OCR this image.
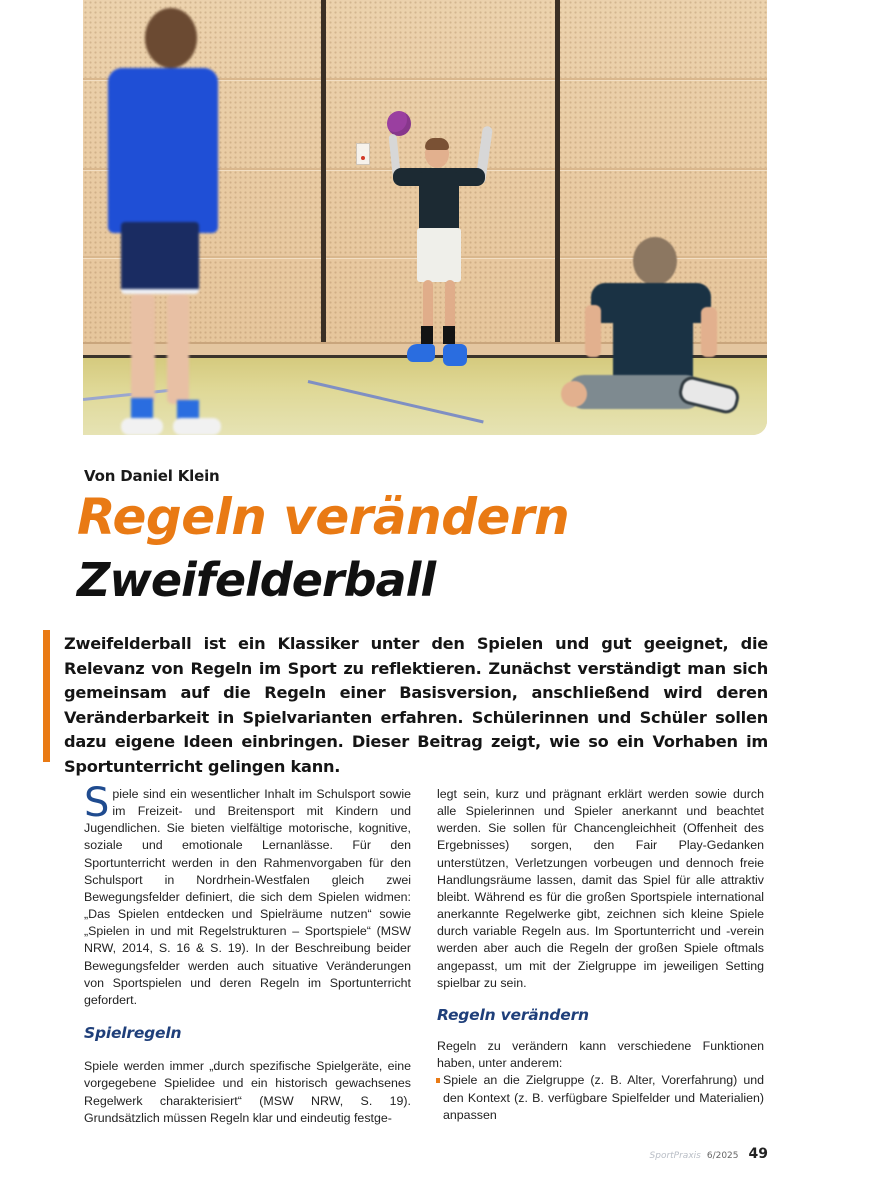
Von Daniel Klein
Regeln verändern
Zweifelderball

Zweifelderball ist ein Klassiker unter den Spielen und gut geeignet, die Relevanz von Regeln im Sport zu reflektieren. Zunächst verständigt man sich gemeinsam auf die Regeln einer Basisversion, anschließend wird deren Veränderbarkeit in Spielvarianten erfahren. Schülerinnen und Schüler sollen dazu eigene Ideen einbringen. Dieser Beitrag zeigt, wie so ein Vorhaben im Sportunterricht gelingen kann.

Spiele sind ein wesentlicher Inhalt im Schulsport sowie im Freizeit- und Breitensport mit Kindern und Jugendlichen. Sie bieten vielfältige motorische, kognitive, soziale und emotionale Lernanlässe. Für den Sportunterricht werden in den Rahmenvorgaben für den Schulsport in Nordrhein-Westfalen gleich zwei Bewegungsfelder definiert, die sich dem Spielen widmen: „Das Spielen entdecken und Spielräume nutzen“ sowie „Spielen in und mit Regelstrukturen – Sportspiele“ (MSW NRW, 2014, S. 16 & S. 19). In der Beschreibung beider Bewegungsfelder werden auch situative Veränderungen von Sportspielen und deren Regeln im Sportunterricht gefordert.

Spielregeln

Spiele werden immer „durch spezifische Spielgeräte, eine vorgegebene Spielidee und ein historisch gewachsenes Regelwerk charakterisiert“ (MSW NRW, S. 19). Grundsätzlich müssen Regeln klar und eindeutig festge-

legt sein, kurz und prägnant erklärt werden sowie durch alle Spielerinnen und Spieler anerkannt und beachtet werden. Sie sollen für Chancengleichheit (Offenheit des Ergebnisses) sorgen, den Fair Play-Gedanken unterstützen, Verletzungen vorbeugen und dennoch freie Handlungsräume lassen, damit das Spiel für alle attraktiv bleibt. Während es für die großen Sportspiele international anerkannte Regelwerke gibt, zeichnen sich kleine Spiele durch variable Regeln aus. Im Sportunterricht und -verein werden aber auch die Regeln der großen Spiele oftmals angepasst, um mit der Zielgruppe im jeweiligen Setting spielbar zu sein.

Regeln verändern

Regeln zu verändern kann verschiedene Funktionen haben, unter anderem:

Spiele an die Zielgruppe (z. B. Alter, Vorerfahrung) und den Kontext (z. B. verfügbare Spielfelder und Materialien) anpassen
SportPraxis 6/2025 49
